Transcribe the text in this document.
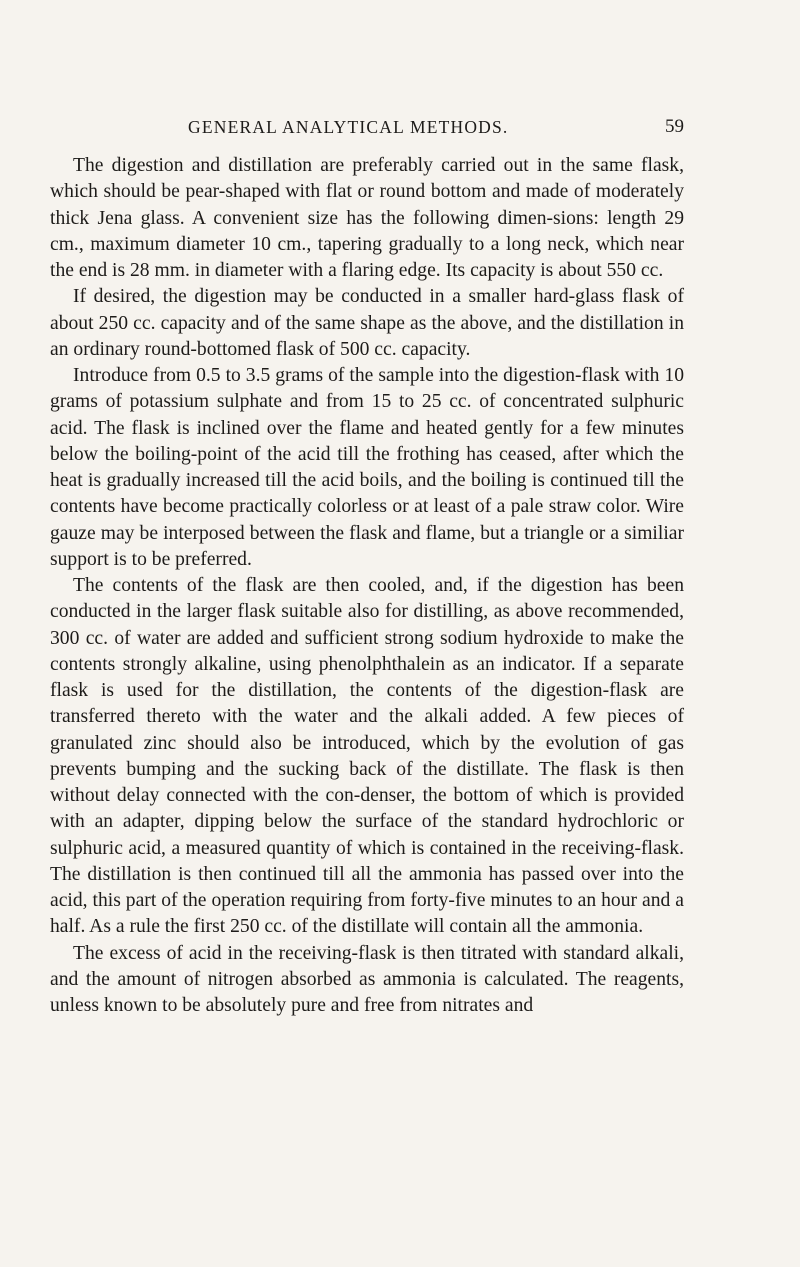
GENERAL ANALYTICAL METHODS.	59

The digestion and distillation are preferably carried out in the same flask, which should be pear-shaped with flat or round bottom and made of moderately thick Jena glass. A convenient size has the following dimen-sions: length 29 cm., maximum diameter 10 cm., tapering gradually to a long neck, which near the end is 28 mm. in diameter with a flaring edge. Its capacity is about 550 cc.

If desired, the digestion may be conducted in a smaller hard-glass flask of about 250 cc. capacity and of the same shape as the above, and the distillation in an ordinary round-bottomed flask of 500 cc. capacity.

Introduce from 0.5 to 3.5 grams of the sample into the digestion-flask with 10 grams of potassium sulphate and from 15 to 25 cc. of concentrated sulphuric acid. The flask is inclined over the flame and heated gently for a few minutes below the boiling-point of the acid till the frothing has ceased, after which the heat is gradually increased till the acid boils, and the boiling is continued till the contents have become practically colorless or at least of a pale straw color. Wire gauze may be interposed between the flask and flame, but a triangle or a similiar support is to be preferred.

The contents of the flask are then cooled, and, if the digestion has been conducted in the larger flask suitable also for distilling, as above recommended, 300 cc. of water are added and sufficient strong sodium hydroxide to make the contents strongly alkaline, using phenolphthalein as an indicator. If a separate flask is used for the distillation, the contents of the digestion-flask are transferred thereto with the water and the alkali added. A few pieces of granulated zinc should also be introduced, which by the evolution of gas prevents bumping and the sucking back of the distillate. The flask is then without delay connected with the con-denser, the bottom of which is provided with an adapter, dipping below the surface of the standard hydrochloric or sulphuric acid, a measured quantity of which is contained in the receiving-flask. The distillation is then continued till all the ammonia has passed over into the acid, this part of the operation requiring from forty-five minutes to an hour and a half. As a rule the first 250 cc. of the distillate will contain all the ammonia.

The excess of acid in the receiving-flask is then titrated with standard alkali, and the amount of nitrogen absorbed as ammonia is calculated. The reagents, unless known to be absolutely pure and free from nitrates and
